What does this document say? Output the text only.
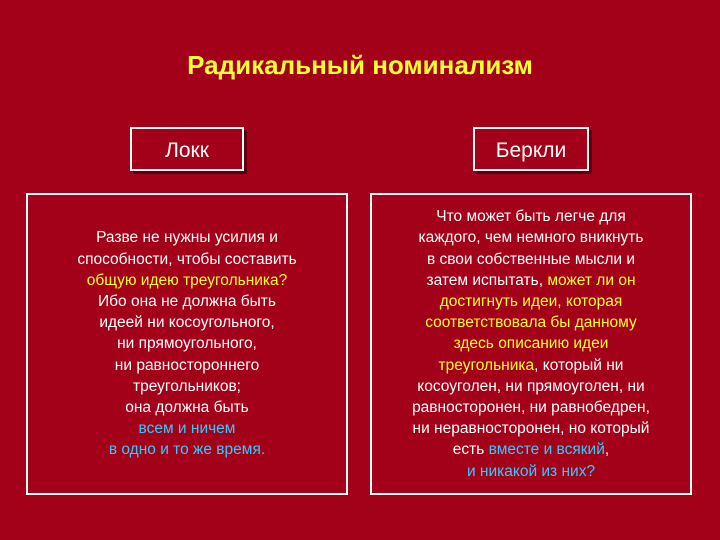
Радикальный номинализм
Локк	Беркли
Разве не нужны усилия и
способности, чтобы составить
общую идею треугольника?
Ибо она не должна быть
идеей ни косоугольного,
ни прямоугольного,
ни равностороннего
треугольников;
она должна быть
всем и ничем
в одно и то же время.
Что может быть легче для
каждого, чем немного вникнуть
в свои собственные мысли и
затем испытать, может ли он
достигнуть идеи, которая
соответствовала бы данному
здесь описанию идеи
треугольника, который ни
косоуголен, ни прямоуголен, ни
равносторонен, ни равнобедрен,
ни неравносторонен, но который
есть вместе и всякий,
и никакой из них?
